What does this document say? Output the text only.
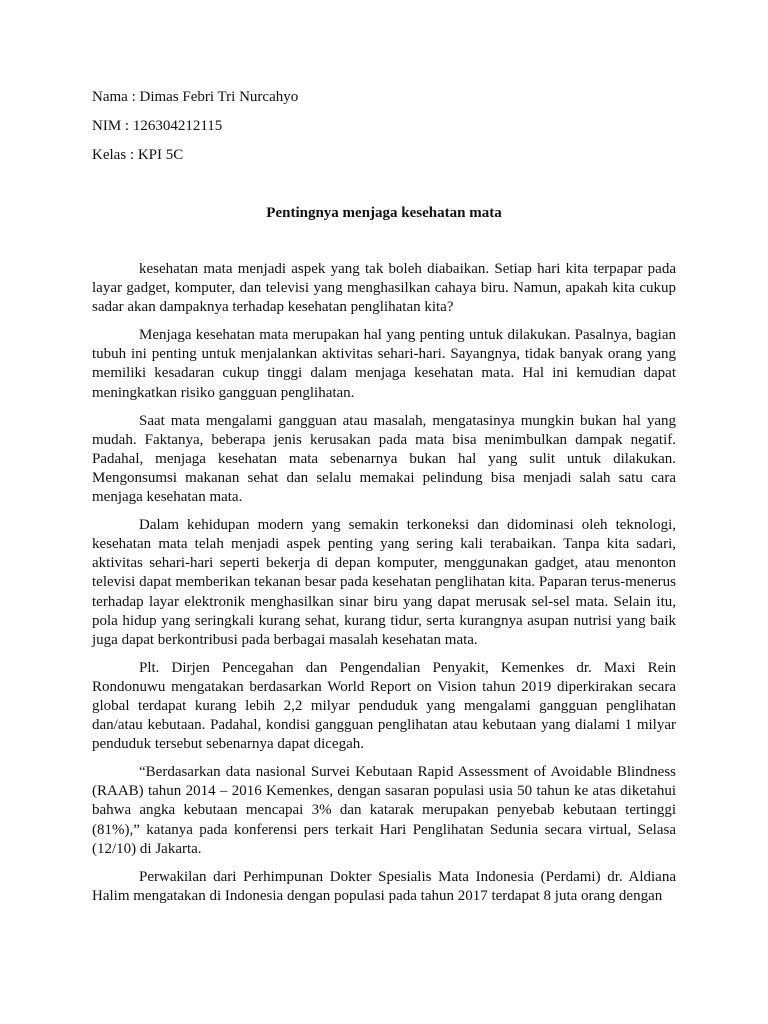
Nama : Dimas Febri Tri Nurcahyo
NIM : 126304212115
Kelas : KPI 5C
Pentingnya menjaga kesehatan mata

kesehatan mata menjadi aspek yang tak boleh diabaikan. Setiap hari kita terpapar pada layar gadget, komputer, dan televisi yang menghasilkan cahaya biru. Namun, apakah kita cukup sadar akan dampaknya terhadap kesehatan penglihatan kita?

Menjaga kesehatan mata merupakan hal yang penting untuk dilakukan. Pasalnya, bagian tubuh ini penting untuk menjalankan aktivitas sehari-hari. Sayangnya, tidak banyak orang yang memiliki kesadaran cukup tinggi dalam menjaga kesehatan mata. Hal ini kemudian dapat meningkatkan risiko gangguan penglihatan.

Saat mata mengalami gangguan atau masalah, mengatasinya mungkin bukan hal yang mudah. Faktanya, beberapa jenis kerusakan pada mata bisa menimbulkan dampak negatif. Padahal, menjaga kesehatan mata sebenarnya bukan hal yang sulit untuk dilakukan. Mengonsumsi makanan sehat dan selalu memakai pelindung bisa menjadi salah satu cara menjaga kesehatan mata.

Dalam kehidupan modern yang semakin terkoneksi dan didominasi oleh teknologi, kesehatan mata telah menjadi aspek penting yang sering kali terabaikan. Tanpa kita sadari, aktivitas sehari-hari seperti bekerja di depan komputer, menggunakan gadget, atau menonton televisi dapat memberikan tekanan besar pada kesehatan penglihatan kita. Paparan terus-menerus terhadap layar elektronik menghasilkan sinar biru yang dapat merusak sel-sel mata. Selain itu, pola hidup yang seringkali kurang sehat, kurang tidur, serta kurangnya asupan nutrisi yang baik juga dapat berkontribusi pada berbagai masalah kesehatan mata.

Plt. Dirjen Pencegahan dan Pengendalian Penyakit, Kemenkes dr. Maxi Rein Rondonuwu mengatakan berdasarkan World Report on Vision tahun 2019 diperkirakan secara global terdapat kurang lebih 2,2 milyar penduduk yang mengalami gangguan penglihatan dan/atau kebutaan. Padahal, kondisi gangguan penglihatan atau kebutaan yang dialami 1 milyar penduduk tersebut sebenarnya dapat dicegah.

“Berdasarkan data nasional Survei Kebutaan Rapid Assessment of Avoidable Blindness (RAAB) tahun 2014 – 2016 Kemenkes, dengan sasaran populasi usia 50 tahun ke atas diketahui bahwa angka kebutaan mencapai 3% dan katarak merupakan penyebab kebutaan tertinggi (81%),” katanya pada konferensi pers terkait Hari Penglihatan Sedunia secara virtual, Selasa (12/10) di Jakarta.

Perwakilan dari Perhimpunan Dokter Spesialis Mata Indonesia (Perdami) dr. Aldiana Halim mengatakan di Indonesia dengan populasi pada tahun 2017 terdapat 8 juta orang dengan
